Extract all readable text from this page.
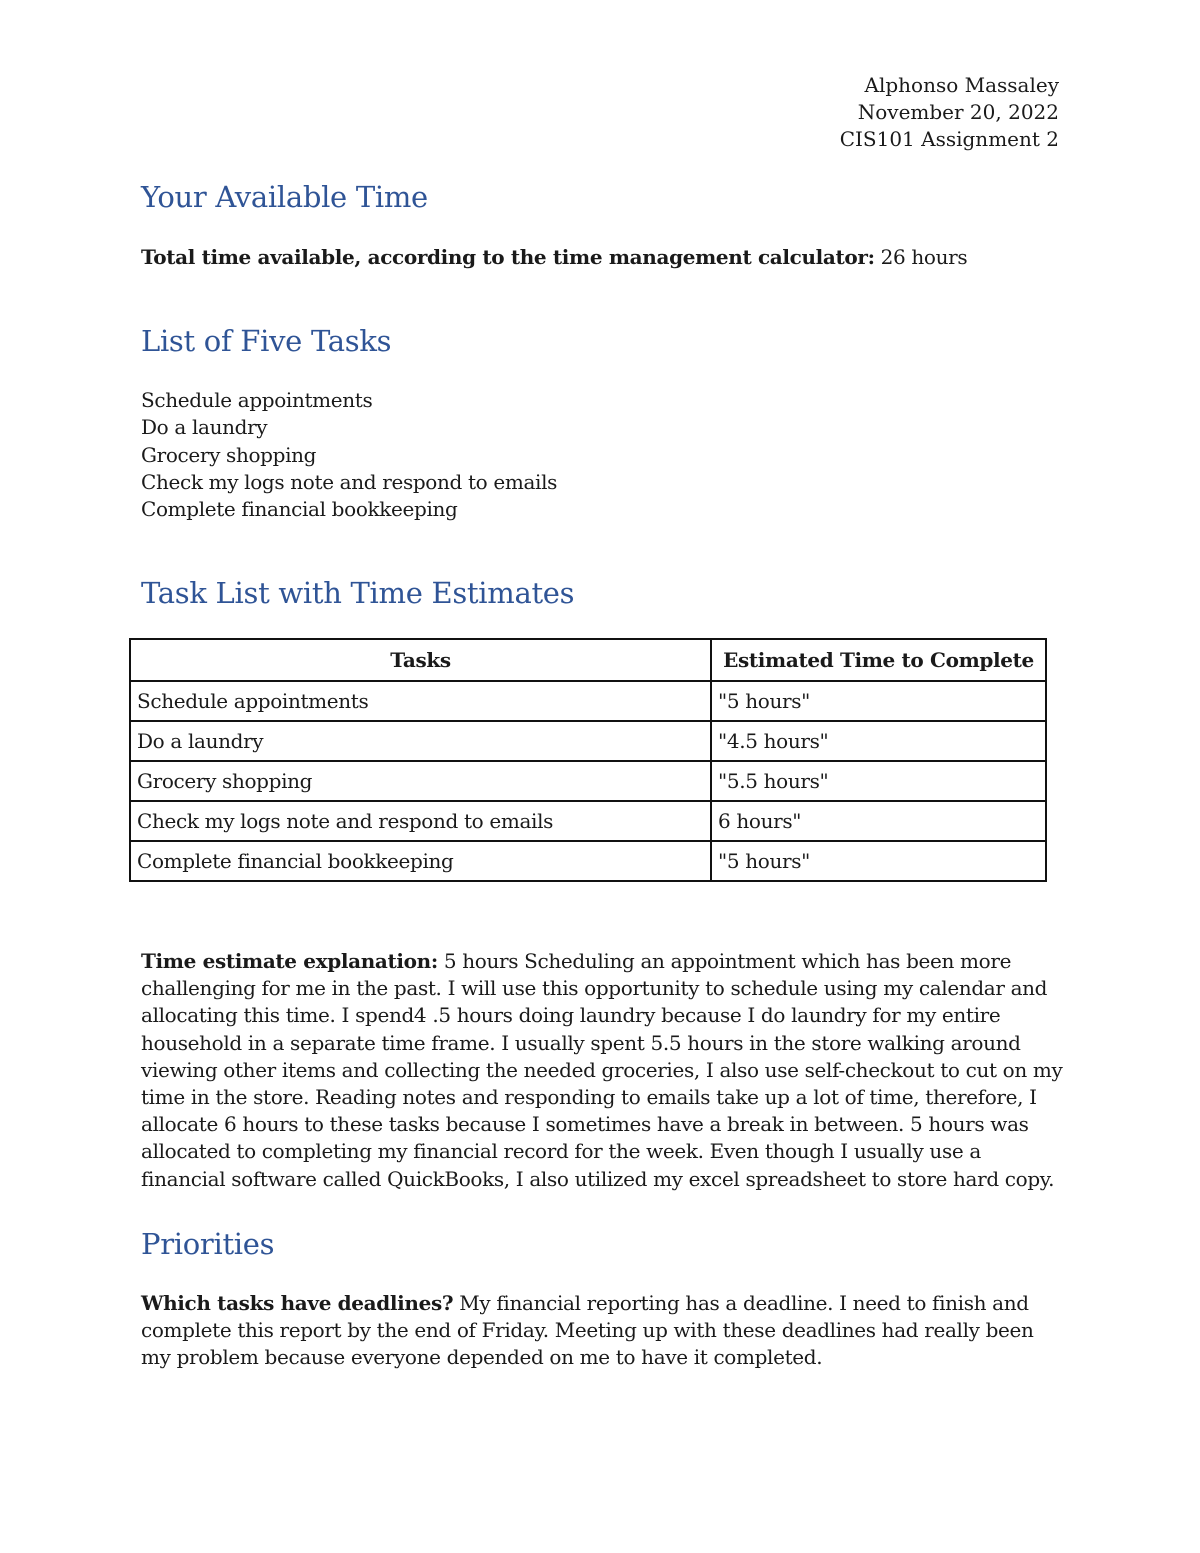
Alphonso Massaley
November 20, 2022
CIS101 Assignment 2
Your Available Time

Total time available, according to the time management calculator: 26 hours

List of Five Tasks
Schedule appointments
Do a laundry
Grocery shopping
Check my logs note and respond to emails
Complete financial bookkeeping
Task List with Time Estimates
Tasks	Estimated Time to Complete
Schedule appointments	"5 hours"
Do a laundry	"4.5 hours"
Grocery shopping	"5.5 hours"
Check my logs note and respond to emails	6 hours"
Complete financial bookkeeping	"5 hours"

Time estimate explanation: 5 hours Scheduling an appointment which has been more challenging for me in the past. I will use this opportunity to schedule using my calendar and allocating this time. I spend4 .5 hours doing laundry because I do laundry for my entire household in a separate time frame. I usually spent 5.5 hours in the store walking around viewing other items and collecting the needed groceries, I also use self-checkout to cut on my time in the store. Reading notes and responding to emails take up a lot of time, therefore, I allocate 6 hours to these tasks because I sometimes have a break in between. 5 hours was allocated to completing my financial record for the week. Even though I usually use a financial software called QuickBooks, I also utilized my excel spreadsheet to store hard copy.

Priorities

Which tasks have deadlines? My financial reporting has a deadline. I need to finish and complete this report by the end of Friday. Meeting up with these deadlines had really been my problem because everyone depended on me to have it completed.
